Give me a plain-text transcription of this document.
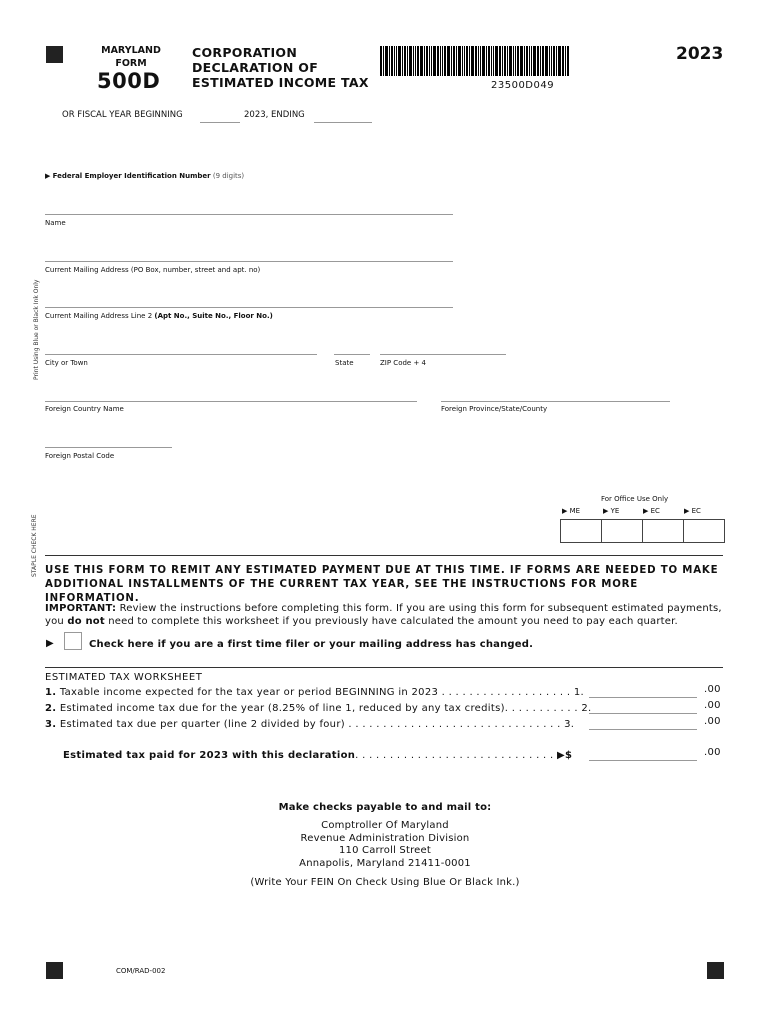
MARYLAND
FORM
500D
CORPORATION
DECLARATION OF
ESTIMATED INCOME TAX	23500D049
2023
OR FISCAL YEAR BEGINNING	2023, ENDING
Print Using Blue or Black Ink Only
STAPLE CHECK HERE
▶ Federal Employer Identification Number (9 digits)
Name
Current Mailing Address (PO Box, number, street and apt. no)
Current Mailing Address Line 2 (Apt No., Suite No., Floor No.)
City or Town	State	ZIP Code + 4
Foreign Country Name	Foreign Province/State/County
Foreign Postal Code
For Office Use Only
▶ ME	▶ YE	▶ EC	▶ EC
USE THIS FORM TO REMIT ANY ESTIMATED PAYMENT DUE AT THIS TIME. IF FORMS ARE NEEDED TO MAKE
ADDITIONAL INSTALLMENTS OF THE CURRENT TAX YEAR, SEE THE INSTRUCTIONS FOR MORE INFORMATION.
IMPORTANT: Review the instructions before completing this form. If you are using this form for subsequent estimated payments,
you do not need to complete this worksheet if you previously have calculated the amount you need to pay each quarter.
▶	Check here if you are a first time filer or your mailing address has changed.
ESTIMATED TAX WORKSHEET
1. Taxable income expected for the tax year or period BEGINNING in 2023 . . . . . . . . . . . . . . . . . . . 1.	.00
2. Estimated income tax due for the year (8.25% of line 1, reduced by any tax credits). . . . . . . . . . . 2.	.00
3. Estimated tax due per quarter (line 2 divided by four) . . . . . . . . . . . . . . . . . . . . . . . . . . . . . . . 3.	.00
Estimated tax paid for 2023 with this declaration. . . . . . . . . . . . . . . . . . . . . . . . . . . . . ▶$	.00
Make checks payable to and mail to:
Comptroller Of Maryland
Revenue Administration Division
110 Carroll Street
Annapolis, Maryland 21411-0001
(Write Your FEIN On Check Using Blue Or Black Ink.)
COM/RAD-002
